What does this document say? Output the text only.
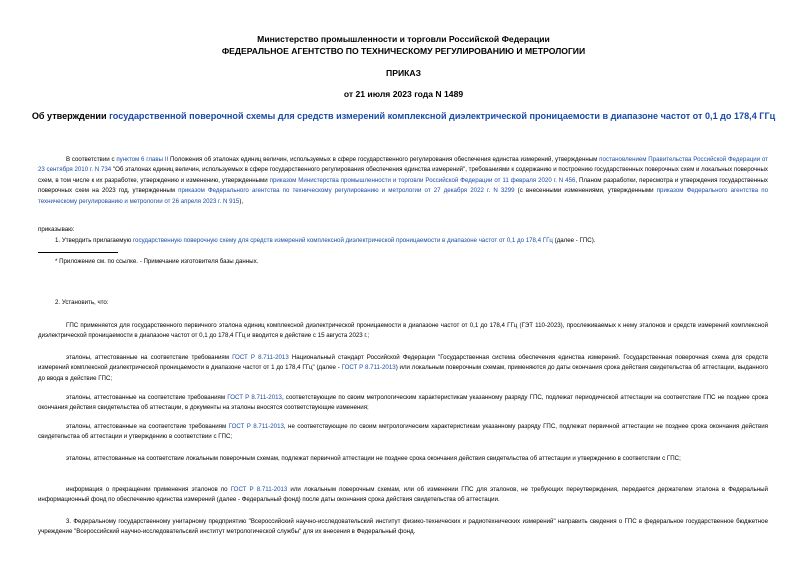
Министерство промышленности и торговли Российской Федерации
ФЕДЕРАЛЬНОЕ АГЕНТСТВО ПО ТЕХНИЧЕСКОМУ РЕГУЛИРОВАНИЮ И МЕТРОЛОГИИ
ПРИКАЗ
от 21 июля 2023 года N 1489
Об утверждении государственной поверочной схемы для средств измерений комплексной диэлектрической проницаемости в диапазоне частот от 0,1 до 178,4 ГГц
В соответствии с пунктом 6 главы II Положения об эталонах единиц величин, используемых в сфере государственного регулирования обеспечения единства измерений, утвержденным постановлением Правительства Российской Федерации от 23 сентября 2010 г. N 734 "Об эталонах единиц величин, используемых в сфере государственного регулирования обеспечения единства измерений", требованиями к содержанию и построению государственных поверочных схем и локальных поверочных схем, в том числе к их разработке, утверждению и изменению, утвержденными приказом Министерства промышленности и торговли Российской Федерации от 11 февраля 2020 г. N 456, Планом разработки, пересмотра и утверждения государственных поверочных схем на 2023 год, утвержденным приказом Федерального агентства по техническому регулированию и метрологии от 27 декабря 2022 г. N 3299 (с внесенными изменениями, утвержденными приказом Федерального агентства по техническому регулированию и метрологии от 26 апреля 2023 г. N 915),
приказываю:
1. Утвердить прилагаемую государственную поверочную схему для средств измерений комплексной диэлектрической проницаемости в диапазоне частот от 0,1 до 178,4 ГГц (далее - ГПС).
* Приложение см. по ссылке. - Примечание изготовителя базы данных.
2. Установить, что:
ГПС применяется для государственного первичного эталона единиц комплексной диэлектрической проницаемости в диапазоне частот от 0,1 до 178,4 ГГц (ГЭТ 110-2023), прослеживаемых к нему эталонов и средств измерений комплексной диэлектрической проницаемости в диапазоне частот от 0,1 до 178,4 ГГц и вводится в действие с 15 августа 2023 г.;
эталоны, аттестованные на соответствие требованиям ГОСТ Р 8.711-2013 Национальный стандарт Российской Федерации "Государственная система обеспечения единства измерений. Государственная поверочная схема для средств измерений комплексной диэлектрической проницаемости в диапазоне частот от 1 до 178,4 ГГц" (далее - ГОСТ Р 8.711-2013) или локальным поверочным схемам, применяются до даты окончания срока действия свидетельства об аттестации, выданного до ввода в действие ГПС;
эталоны, аттестованные на соответствие требованиям ГОСТ Р 8.711-2013, соответствующие по своим метрологическим характеристикам указанному разряду ГПС, подлежат периодической аттестации на соответствие ГПС не позднее срока окончания действия свидетельства об аттестации, в документы на эталоны вносятся соответствующие изменения;
эталоны, аттестованные на соответствие требованиям ГОСТ Р 8.711-2013, не соответствующие по своим метрологическим характеристикам указанному разряду ГПС, подлежат первичной аттестации не позднее срока окончания действия свидетельства об аттестации и утверждению в соответствии с ГПС;
эталоны, аттестованные на соответствие локальным поверочным схемам, подлежат первичной аттестации не позднее срока окончания действия свидетельства об аттестации и утверждению в соответствии с ГПС;
информация о прекращении применения эталонов по ГОСТ Р 8.711-2013 или локальным поверочным схемам, или об изменении ГПС для эталонов, не требующих переутверждения, передается держателем эталона в Федеральный информационный фонд по обеспечению единства измерений (далее - Федеральный фонд) после даты окончания срока действия свидетельства об аттестации.
3. Федеральному государственному унитарному предприятию "Всероссийский научно-исследовательский институт физико-технических и радиотехнических измерений" направить сведения о ГПС в федеральное государственное бюджетное учреждение "Всероссийский научно-исследовательский институт метрологической службы" для их внесения в Федеральный фонд.
